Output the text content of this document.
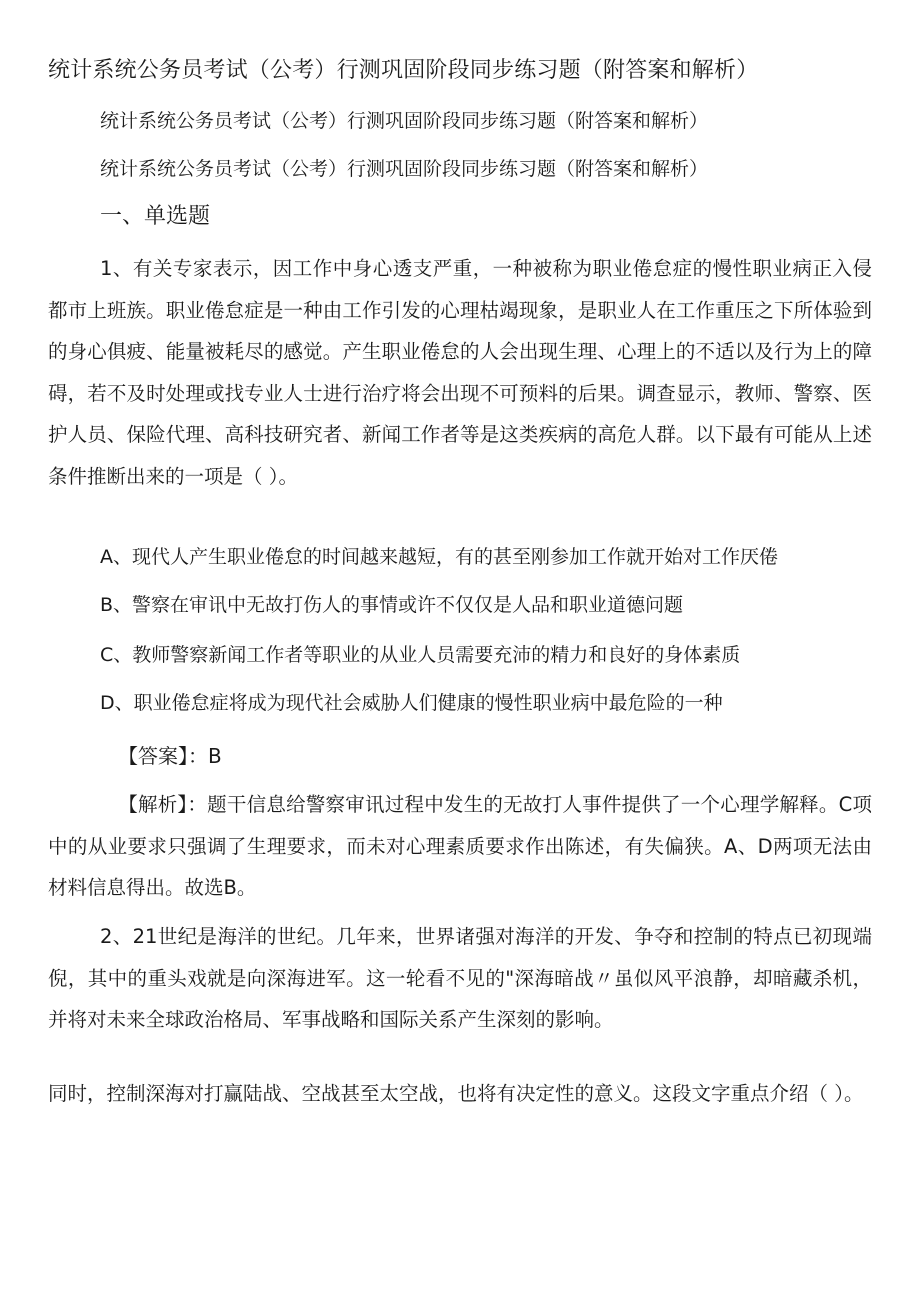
统计系统公务员考试（公考）行测巩固阶段同步练习题（附答案和解析）
统计系统公务员考试（公考）行测巩固阶段同步练习题（附答案和解析）
统计系统公务员考试（公考）行测巩固阶段同步练习题（附答案和解析）
一、单选题
1、有关专家表示，因工作中身心透支严重，一种被称为职业倦怠症的慢性职业病正入侵都市上班族。职业倦怠症是一种由工作引发的心理枯竭现象，是职业人在工作重压之下所体验到的身心俱疲、能量被耗尽的感觉。产生职业倦怠的人会出现生理、心理上的不适以及行为上的障碍，若不及时处理或找专业人士进行治疗将会出现不可预料的后果。调查显示，教师、警察、医护人员、保险代理、高科技研究者、新闻工作者等是这类疾病的高危人群。以下最有可能从上述条件推断出来的一项是（ ）。
A、现代人产生职业倦怠的时间越来越短，有的甚至刚参加工作就开始对工作厌倦
B、警察在审讯中无故打伤人的事情或许不仅仅是人品和职业道德问题
C、教师警察新闻工作者等职业的从业人员需要充沛的精力和良好的身体素质
D、职业倦怠症将成为现代社会威胁人们健康的慢性职业病中最危险的一种
【答案】：B
【解析】：题干信息给警察审讯过程中发生的无故打人事件提供了一个心理学解释。C项中的从业要求只强调了生理要求，而未对心理素质要求作出陈述，有失偏狭。A、D两项无法由材料信息得出。故选B。
2、21世纪是海洋的世纪。几年来，世界诸强对海洋的开发、争夺和控制的特点已初现端倪，其中的重头戏就是向深海进军。这一轮看不见的"深海暗战〃虽似风平浪静，却暗藏杀机，并将对未来全球政治格局、军事战略和国际关系产生深刻的影响。
同时，控制深海对打赢陆战、空战甚至太空战，也将有决定性的意义。这段文字重点介绍（ ）。
